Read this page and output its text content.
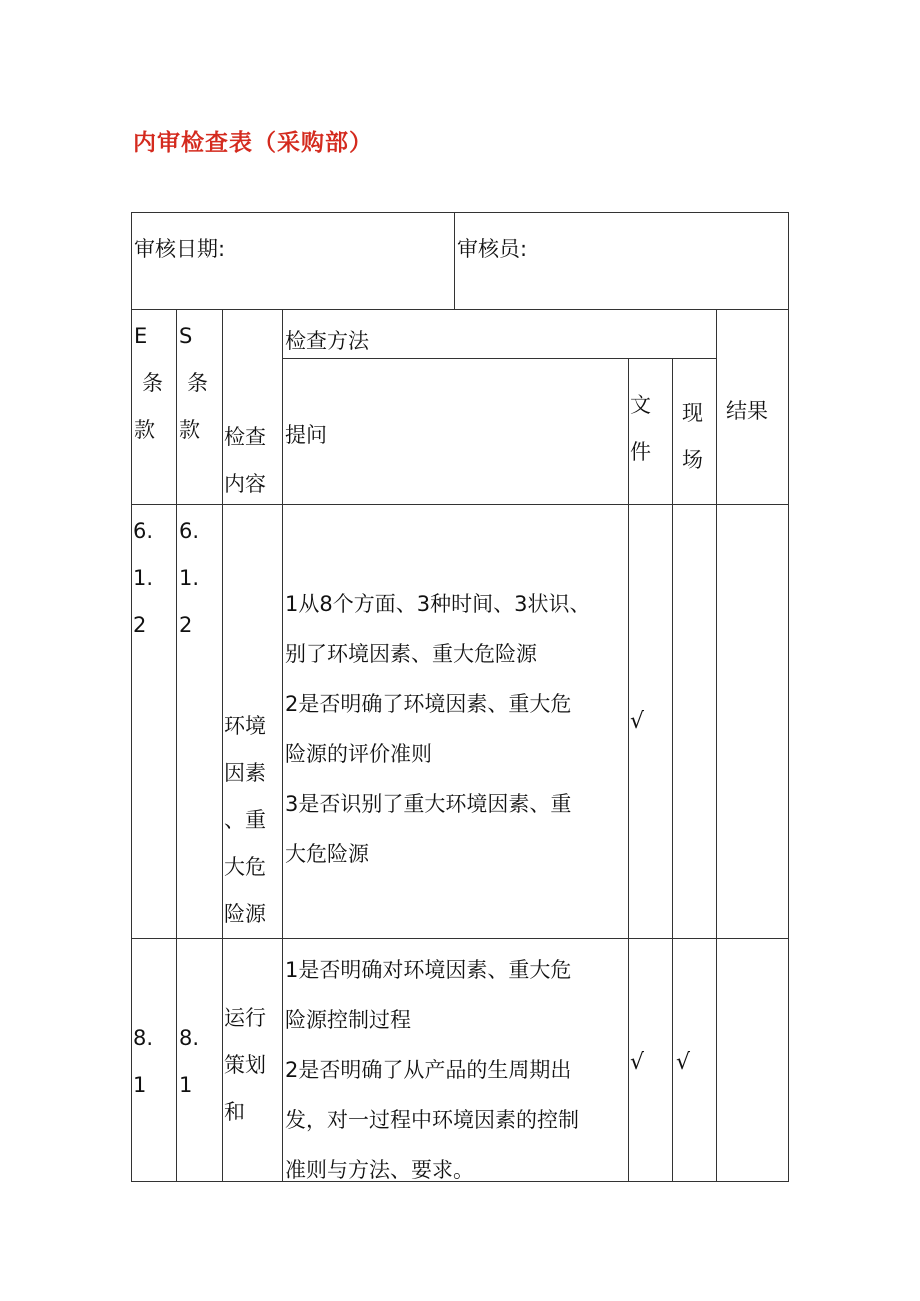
内审检查表（采购部）
审核日期:	审核员:
E
条
款
S
条
款	检查
内容
检查方法
提问
文
件
现
场
结果
6.
1.
2
6.
1.
2
环境
因素
、重
大危
险源
1从8个方面、3种时间、3状识、
别了环境因素、重大危险源
2是否明确了环境因素、重大危
险源的评价准则
3是否识别了重大环境因素、重
大危险源
√
8.
1
8.
1
运行
策划
和
1是否明确对环境因素、重大危
险源控制过程
2是否明确了从产品的生周期出
发，对一过程中环境因素的控制
准则与方法、要求。
√ √
